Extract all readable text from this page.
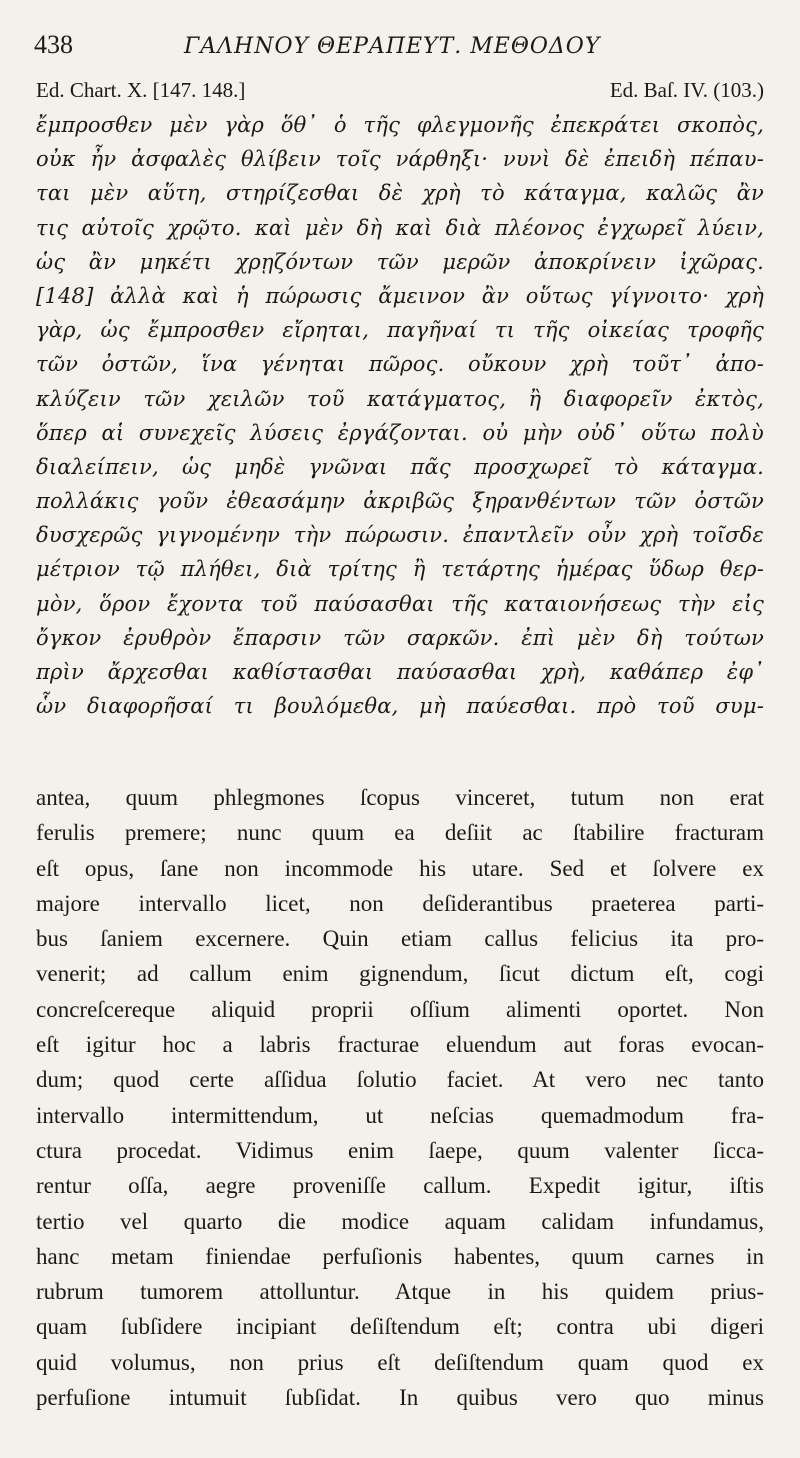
438	ΓΑΛΗΝΟΥ ΘΕΡΑΠΕΥΤ. ΜΕΘΟΔΟΥ
Ed. Chart. X. [147. 148.]	Ed. Baſ. IV. (103.)
ἔμπροσθεν μὲν γὰρ ὅθ᾽ ὁ τῆς φλεγμονῆς ἐπεκράτει σκοπὸς,
οὐκ ἦν ἀσφαλὲς θλίβειν τοῖς νάρθηξι· νυνὶ δὲ ἐπειδὴ πέπαυ-
ται μὲν αὕτη, στηρίζεσθαι δὲ χρὴ τὸ κάταγμα, καλῶς ἂν
τις αὐτοῖς χρῷτο. καὶ μὲν δὴ καὶ διὰ πλέονος ἐγχωρεῖ λύειν,
ὡς ἂν μηκέτι χρῃζόντων τῶν μερῶν ἀποκρίνειν ἰχῶρας.
[148] ἀλλὰ καὶ ἡ πώρωσις ἄμεινον ἂν οὕτως γίγνοιτο· χρὴ
γὰρ, ὡς ἔμπροσθεν εἴρηται, παγῆναί τι τῆς οἰκείας τροφῆς
τῶν ὀστῶν, ἵνα γένηται πῶρος. οὔκουν χρὴ τοῦτ᾽ ἀπο-
κλύζειν τῶν χειλῶν τοῦ κατάγματος, ἢ διαφορεῖν ἐκτὸς,
ὅπερ αἱ συνεχεῖς λύσεις ἐργάζονται. οὐ μὴν οὐδ᾽ οὕτω πολὺ
διαλείπειν, ὡς μηδὲ γνῶναι πᾶς προσχωρεῖ τὸ κάταγμα.
πολλάκις γοῦν ἐθεασάμην ἀκριβῶς ξηρανθέντων τῶν ὀστῶν
δυσχερῶς γιγνομένην τὴν πώρωσιν. ἐπαντλεῖν οὖν χρὴ τοῖσδε
μέτριον τῷ πλήθει, διὰ τρίτης ἢ τετάρτης ἡμέρας ὕδωρ θερ-
μὸν, ὅρον ἔχοντα τοῦ παύσασθαι τῆς καταιονήσεως τὴν εἰς
ὄγκον ἐρυθρὸν ἔπαρσιν τῶν σαρκῶν. ἐπὶ μὲν δὴ τούτων
πρὶν ἄρχεσθαι καθίστασθαι παύσασθαι χρὴ, καθάπερ ἐφ᾽
ὧν διαφορῆσαί τι βουλόμεθα, μὴ παύεσθαι. πρὸ τοῦ συμ-
antea, quum phlegmones ſcopus vinceret, tutum non erat
ferulis premere; nunc quum ea deſiit ac ſtabilire fracturam
eſt opus, ſane non incommode his utare. Sed et ſolvere ex
majore intervallo licet, non deſiderantibus praeterea parti-
bus ſaniem excernere. Quin etiam callus felicius ita pro-
venerit; ad callum enim gignendum, ſicut dictum eſt, cogi
concreſcereque aliquid proprii oſſium alimenti oportet. Non
eſt igitur hoc a labris fracturae eluendum aut foras evocan-
dum; quod certe aſſidua ſolutio faciet. At vero nec tanto
intervallo intermittendum, ut neſcias quemadmodum fra-
ctura procedat. Vidimus enim ſaepe, quum valenter ſicca-
rentur oſſa, aegre proveniſſe callum. Expedit igitur, iſtis
tertio vel quarto die modice aquam calidam infundamus,
hanc metam finiendae perfuſionis habentes, quum carnes in
rubrum tumorem attolluntur. Atque in his quidem prius-
quam ſubſidere incipiant deſiſtendum eſt; contra ubi digeri
quid volumus, non prius eſt deſiſtendum quam quod ex
perfuſione intumuit ſubſidat. In quibus vero quo minus
